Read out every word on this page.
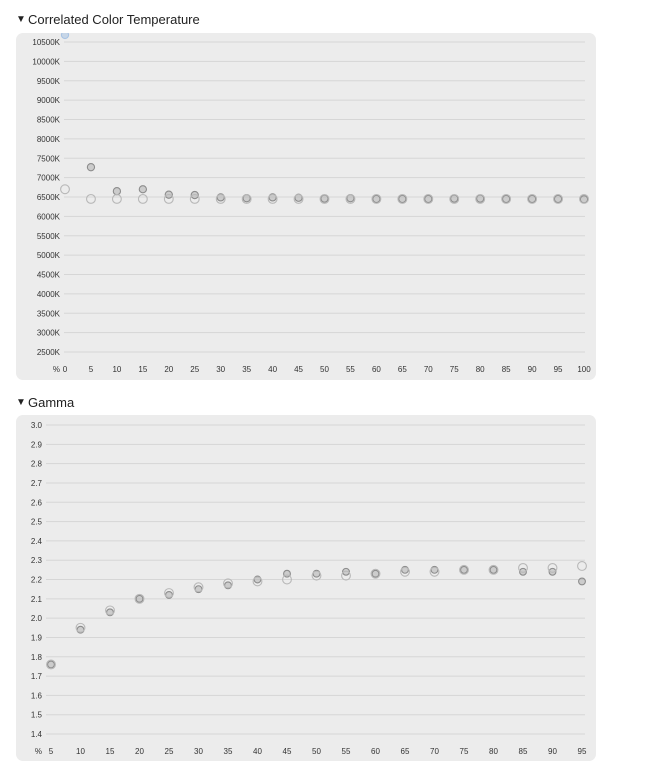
▼ Correlated Color Temperature
2500K
3000K
3500K
4000K
4500K
5000K
5500K
6000K
6500K
7000K
7500K
8000K
8500K
9000K
9500K
10000K
10500K
% 0	5 10 15 20 25 30 35 40 45 50 55 60 65 70 75 80 85 90 95 100
▼ Gamma
1.4
1.5
1.6
1.7
1.8
1.9
2.0
2.1
2.2
2.3
2.4
2.5
2.6
2.7
2.8
2.9
3.0
% 5	10	15	20	25	30	35	40	45	50	55	60	65	70	75	80	85	90	95
